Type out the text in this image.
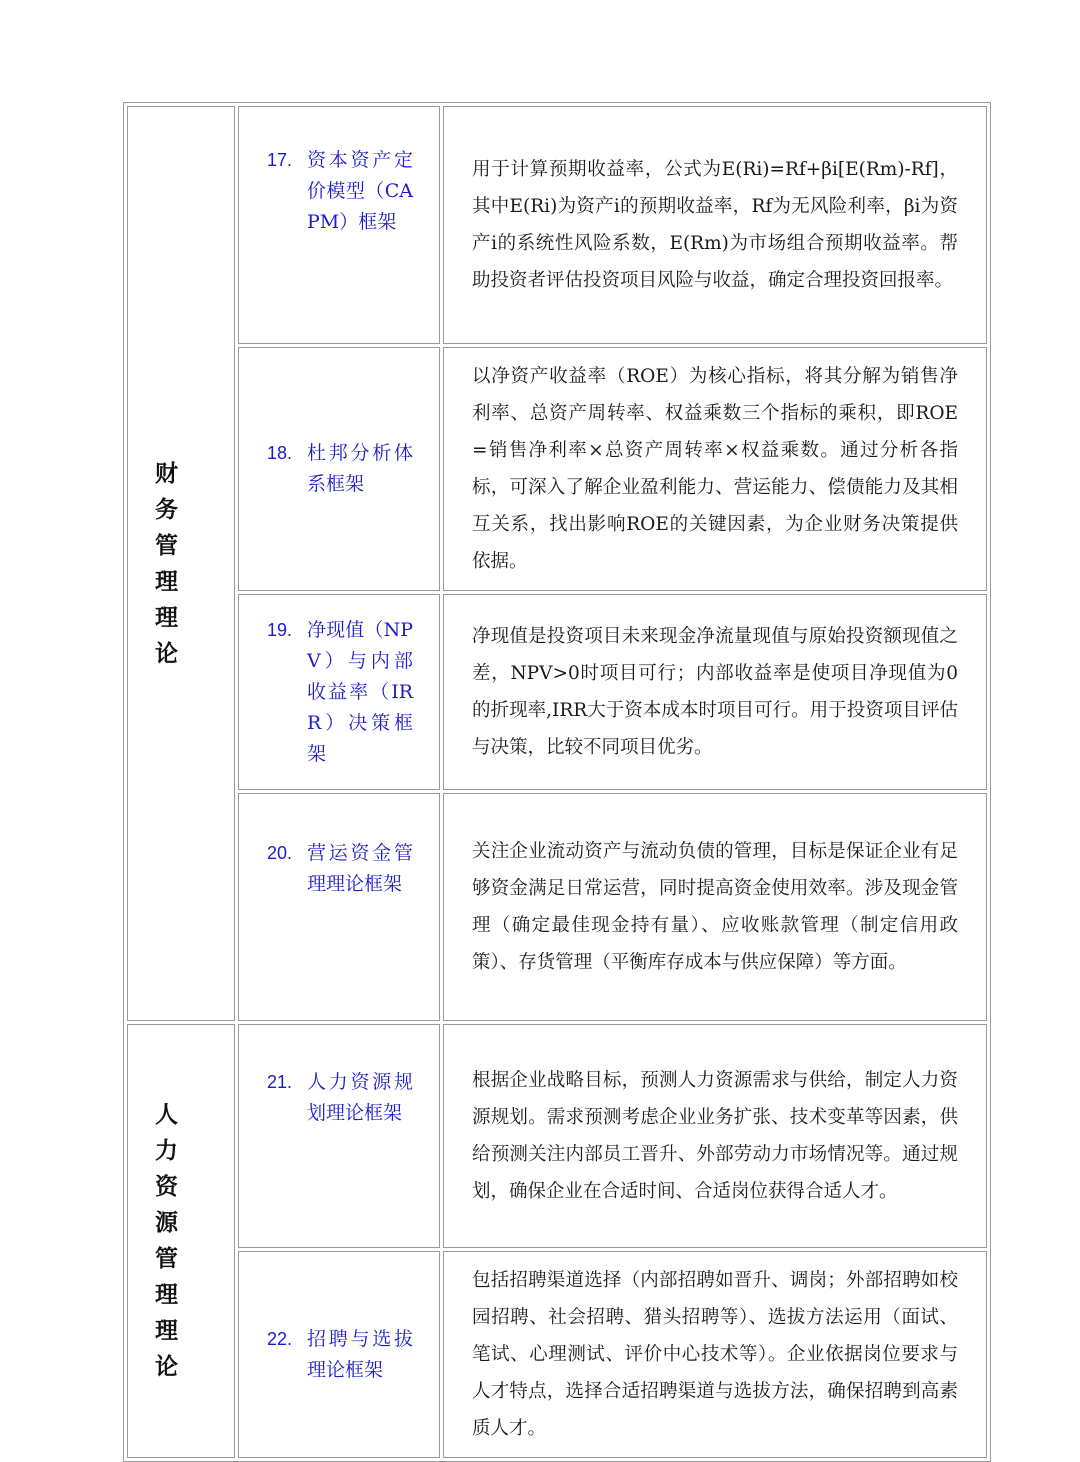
财务管理理论	17. 资本资产定价模型（CAPM）框架	用于计算预期收益率，公式为E(Ri)=Rf+βi[E(Rm)-Rf]，其中E(Ri)为资产i的预期收益率，Rf为无风险利率，βi为资产i的系统性风险系数，E(Rm)为市场组合预期收益率。帮助投资者评估投资项目风险与收益，确定合理投资回报率。

	18. 杜邦分析体系框架	以净资产收益率（ROE）为核心指标，将其分解为销售净利率、总资产周转率、权益乘数三个指标的乘积，即ROE =销售净利率×总资产周转率×权益乘数。通过分析各指标，可深入了解企业盈利能力、营运能力、偿债能力及其相互关系，找出影响ROE的关键因素，为企业财务决策提供依据。

	19. 净现值（NPV）与内部收益率（IRR）决策框架	净现值是投资项目未来现金净流量现值与原始投资额现值之差，NPV>0时项目可行；内部收益率是使项目净现值为0的折现率,IRR大于资本成本时项目可行。用于投资项目评估与决策，比较不同项目优劣。

	20. 营运资金管理理论框架	关注企业流动资产与流动负债的管理，目标是保证企业有足够资金满足日常运营，同时提高资金使用效率。涉及现金管理（确定最佳现金持有量）、应收账款管理（制定信用政策）、存货管理（平衡库存成本与供应保障）等方面。

人力资源管理理论	21. 人力资源规划理论框架	根据企业战略目标，预测人力资源需求与供给，制定人力资源规划。需求预测考虑企业业务扩张、技术变革等因素，供给预测关注内部员工晋升、外部劳动力市场情况等。通过规划，确保企业在合适时间、合适岗位获得合适人才。

	22. 招聘与选拔理论框架	包括招聘渠道选择（内部招聘如晋升、调岗；外部招聘如校园招聘、社会招聘、猎头招聘等）、选拔方法运用（面试、笔试、心理测试、评价中心技术等）。企业依据岗位要求与人才特点，选择合适招聘渠道与选拔方法，确保招聘到高素质人才。
